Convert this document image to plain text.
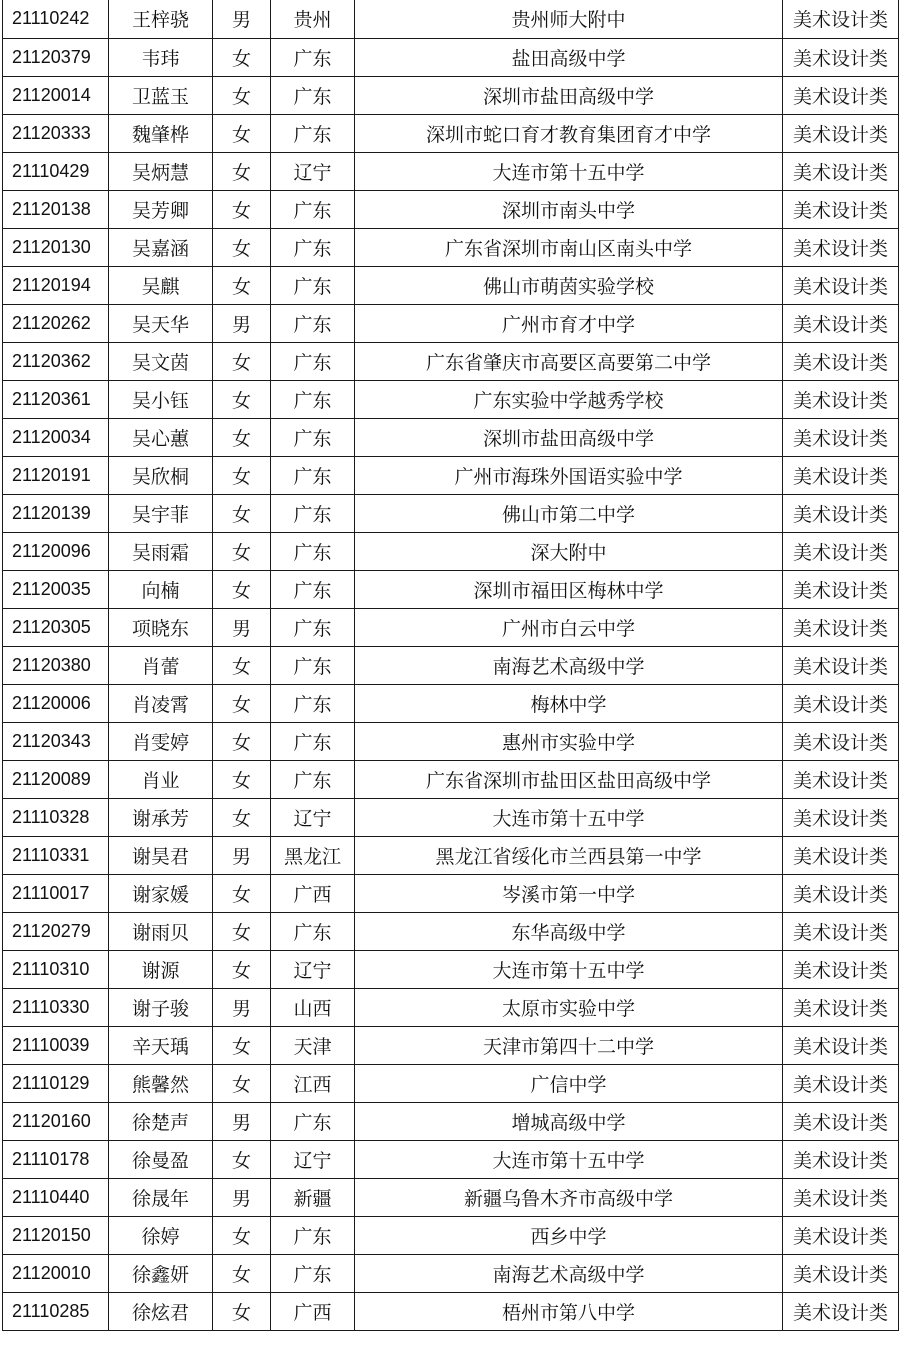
21110242	王梓骁	男	贵州	贵州师大附中	美术设计类
21120379	韦玮	女	广东	盐田高级中学	美术设计类
21120014	卫蓝玉	女	广东	深圳市盐田高级中学	美术设计类
21120333	魏肇桦	女	广东	深圳市蛇口育才教育集团育才中学	美术设计类
21110429	吴炳慧	女	辽宁	大连市第十五中学	美术设计类
21120138	吴芳卿	女	广东	深圳市南头中学	美术设计类
21120130	吴嘉涵	女	广东	广东省深圳市南山区南头中学	美术设计类
21120194	吴麒	女	广东	佛山市萌茵实验学校	美术设计类
21120262	吴天华	男	广东	广州市育才中学	美术设计类
21120362	吴文茵	女	广东	广东省肇庆市高要区高要第二中学	美术设计类
21120361	吴小钰	女	广东	广东实验中学越秀学校	美术设计类
21120034	吴心蕙	女	广东	深圳市盐田高级中学	美术设计类
21120191	吴欣桐	女	广东	广州市海珠外国语实验中学	美术设计类
21120139	吴宇菲	女	广东	佛山市第二中学	美术设计类
21120096	吴雨霜	女	广东	深大附中	美术设计类
21120035	向楠	女	广东	深圳市福田区梅林中学	美术设计类
21120305	项晓东	男	广东	广州市白云中学	美术设计类
21120380	肖蕾	女	广东	南海艺术高级中学	美术设计类
21120006	肖凌霄	女	广东	梅林中学	美术设计类
21120343	肖雯婷	女	广东	惠州市实验中学	美术设计类
21120089	肖业	女	广东	广东省深圳市盐田区盐田高级中学	美术设计类
21110328	谢承芳	女	辽宁	大连市第十五中学	美术设计类
21110331	谢昊君	男	黑龙江	黑龙江省绥化市兰西县第一中学	美术设计类
21110017	谢家媛	女	广西	岑溪市第一中学	美术设计类
21120279	谢雨贝	女	广东	东华高级中学	美术设计类
21110310	谢源	女	辽宁	大连市第十五中学	美术设计类
21110330	谢子骏	男	山西	太原市实验中学	美术设计类
21110039	辛天瑀	女	天津	天津市第四十二中学	美术设计类
21110129	熊馨然	女	江西	广信中学	美术设计类
21120160	徐楚声	男	广东	增城高级中学	美术设计类
21110178	徐曼盈	女	辽宁	大连市第十五中学	美术设计类
21110440	徐晟年	男	新疆	新疆乌鲁木齐市高级中学	美术设计类
21120150	徐婷	女	广东	西乡中学	美术设计类
21120010	徐鑫妍	女	广东	南海艺术高级中学	美术设计类
21110285	徐炫君	女	广西	梧州市第八中学	美术设计类
